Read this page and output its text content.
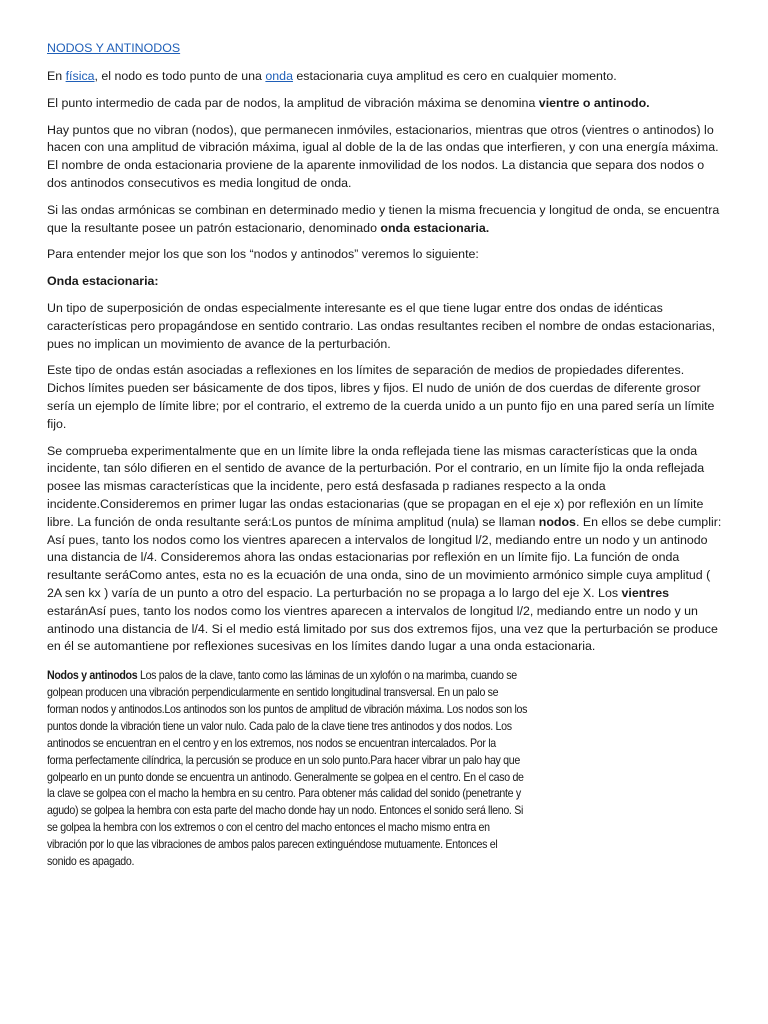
NODOS Y ANTINODOS
En física, el nodo es todo punto de una onda estacionaria cuya amplitud es cero en cualquier momento.
El punto intermedio de cada par de nodos, la amplitud de vibración máxima se denomina vientre o antinodo.
Hay puntos que no vibran (nodos), que permanecen inmóviles, estacionarios, mientras que otros (vientres o antinodos) lo hacen con una amplitud de vibración máxima, igual al doble de la de las ondas que interfieren, y con una energía máxima. El nombre de onda estacionaria proviene de la aparente inmovilidad de los nodos. La distancia que separa dos nodos o dos antinodos consecutivos es media longitud de onda.
Si las ondas armónicas se combinan en determinado medio y tienen la misma frecuencia y longitud de onda, se encuentra que la resultante posee un patrón estacionario, denominado onda estacionaria.
Para entender mejor los que son los “nodos y antinodos” veremos lo siguiente:
Onda estacionaria:
Un tipo de superposición de ondas especialmente interesante es el que tiene lugar entre dos ondas de idénticas características pero propagándose en sentido contrario. Las ondas resultantes reciben el nombre de ondas estacionarias, pues no implican un movimiento de avance de la perturbación.
Este tipo de ondas están asociadas a reflexiones en los límites de separación de medios de propiedades diferentes. Dichos límites pueden ser básicamente de dos tipos, libres y fijos. El nudo de unión de dos cuerdas de diferente grosor sería un ejemplo de límite libre; por el contrario, el extremo de la cuerda unido a un punto fijo en una pared sería un límite fijo.
Se comprueba experimentalmente que en un límite libre la onda reflejada tiene las mismas características que la onda incidente, tan sólo difieren en el sentido de avance de la perturbación. Por el contrario, en un límite fijo la onda reflejada posee las mismas características que la incidente, pero está desfasada p radianes respecto a la onda incidente.Consideremos en primer lugar las ondas estacionarias (que se propagan en el eje x) por reflexión en un límite libre. La función de onda resultante será:Los puntos de mínima amplitud (nula) se llaman nodos. En ellos se debe cumplir: Así pues, tanto los nodos como los vientres aparecen a intervalos de longitud l/2, mediando entre un nodo y un antinodo una distancia de l/4. Consideremos ahora las ondas estacionarias por reflexión en un límite fijo. La función de onda resultante seráComo antes, esta no es la ecuación de una onda, sino de un movimiento armónico simple cuya amplitud ( 2A sen kx ) varía de un punto a otro del espacio. La perturbación no se propaga a lo largo del eje X. Los vientres estaránAsí pues, tanto los nodos como los vientres aparecen a intervalos de longitud l/2, mediando entre un nodo y un antinodo una distancia de l/4. Si el medio está limitado por sus dos extremos fijos, una vez que la perturbación se produce en él se automantiene por reflexiones sucesivas en los límites dando lugar a una onda estacionaria.
Nodos y antinodos Los palos de la clave, tanto como las láminas de un xylofón o na marimba, cuando se
golpean producen una vibración perpendicularmente en sentido longitudinal transversal. En un palo se
forman nodos y antinodos.Los antinodos son los puntos de amplitud de vibración máxima. Los nodos son los
puntos donde la vibración tiene un valor nulo. Cada palo de la clave tiene tres antinodos y dos nodos. Los
antinodos se encuentran en el centro y en los extremos, nos nodos se encuentran intercalados. Por la
forma perfectamente cilíndrica, la percusión se produce en un solo punto.Para hacer vibrar un palo hay que
golpearlo en un punto donde se encuentra un antinodo. Generalmente se golpea en el centro. En el caso de
la clave se golpea con el macho la hembra en su centro. Para obtener más calidad del sonido (penetrante y
agudo) se golpea la hembra con esta parte del macho donde hay un nodo. Entonces el sonido será lleno. Si
se golpea la hembra con los extremos o con el centro del macho entonces el macho mismo entra en
vibración por lo que las vibraciones de ambos palos parecen extinguéndose mutuamente. Entonces el
sonido es apagado.
